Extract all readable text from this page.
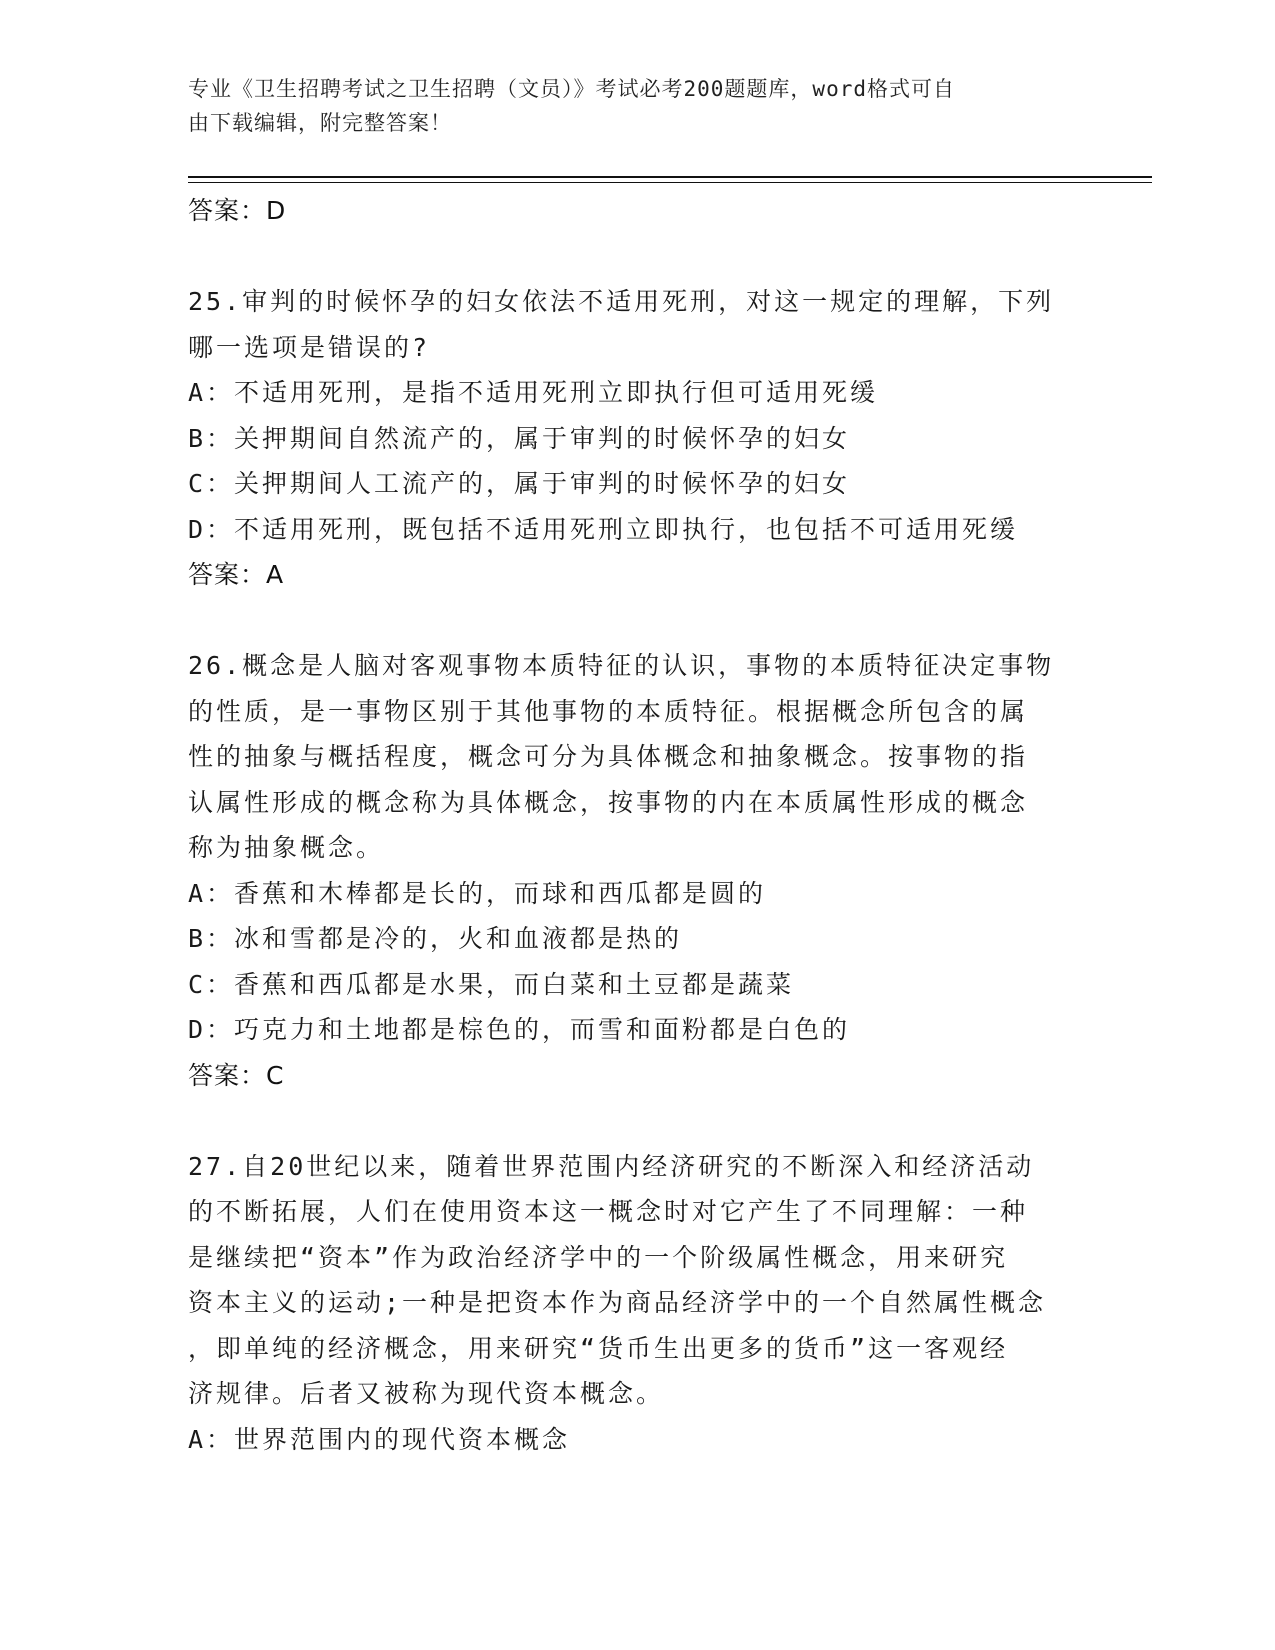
专业《卫生招聘考试之卫生招聘（文员）》考试必考200题题库，word格式可自
由下载编辑，附完整答案！
答案：D
25.审判的时候怀孕的妇女依法不适用死刑，对这一规定的理解，下列
哪一选项是错误的?
A：不适用死刑，是指不适用死刑立即执行但可适用死缓
B：关押期间自然流产的，属于审判的时候怀孕的妇女
C：关押期间人工流产的，属于审判的时候怀孕的妇女
D：不适用死刑，既包括不适用死刑立即执行，也包括不可适用死缓
答案：A
26.概念是人脑对客观事物本质特征的认识，事物的本质特征决定事物
的性质，是一事物区别于其他事物的本质特征。根据概念所包含的属
性的抽象与概括程度，概念可分为具体概念和抽象概念。按事物的指
认属性形成的概念称为具体概念，按事物的内在本质属性形成的概念
称为抽象概念。
A：香蕉和木棒都是长的，而球和西瓜都是圆的
B：冰和雪都是冷的，火和血液都是热的
C：香蕉和西瓜都是水果，而白菜和土豆都是蔬菜
D：巧克力和土地都是棕色的，而雪和面粉都是白色的
答案：C
27.自20世纪以来，随着世界范围内经济研究的不断深入和经济活动
的不断拓展，人们在使用资本这一概念时对它产生了不同理解：一种
是继续把“资本”作为政治经济学中的一个阶级属性概念，用来研究
资本主义的运动;一种是把资本作为商品经济学中的一个自然属性概念
，即单纯的经济概念，用来研究“货币生出更多的货币”这一客观经
济规律。后者又被称为现代资本概念。
A：世界范围内的现代资本概念
